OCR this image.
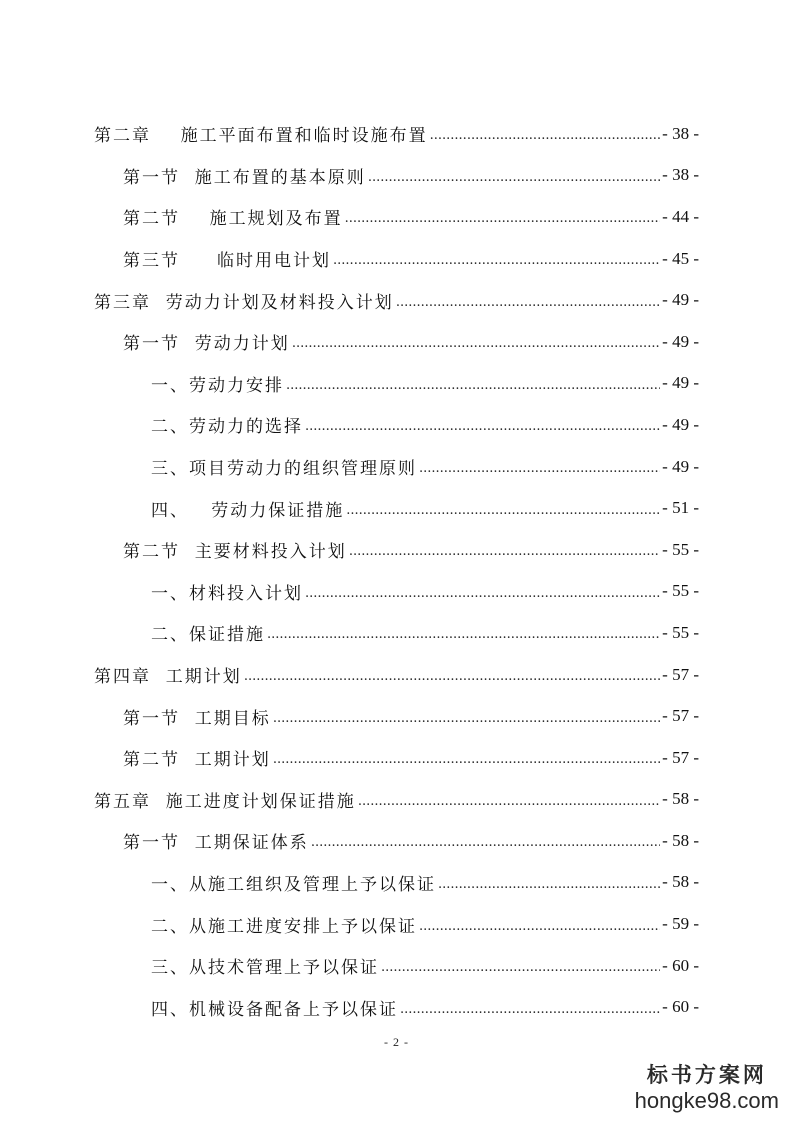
第二章    施工平面布置和临时设施布置 .....	- 38 -
第一节  施工布置的基本原则 .....	- 38 -
第二节    施工规划及布置 .....	- 44 -
第三节     临时用电计划 .....	- 45 -
第三章  劳动力计划及材料投入计划 .....	- 49 -
第一节  劳动力计划 .....	- 49 -
一、劳动力安排 .....	- 49 -
二、劳动力的选择 .....	- 49 -
三、项目劳动力的组织管理原则 .....	- 49 -
四、   劳动力保证措施 .....	- 51 -
第二节  主要材料投入计划 .....	- 55 -
一、材料投入计划 .....	- 55 -
二、保证措施 .....	- 55 -
第四章  工期计划 .....	- 57 -
第一节  工期目标 .....	- 57 -
第二节  工期计划 .....	- 57 -
第五章  施工进度计划保证措施 .....	- 58 -
第一节  工期保证体系 .....	- 58 -
一、从施工组织及管理上予以保证 .....	- 58 -
二、从施工进度安排上予以保证 .....	- 59 -
三、从技术管理上予以保证 .....	- 60 -
四、机械设备配备上予以保证 .....	- 60 -
- 2 -
标书方案网
hongke98.com
